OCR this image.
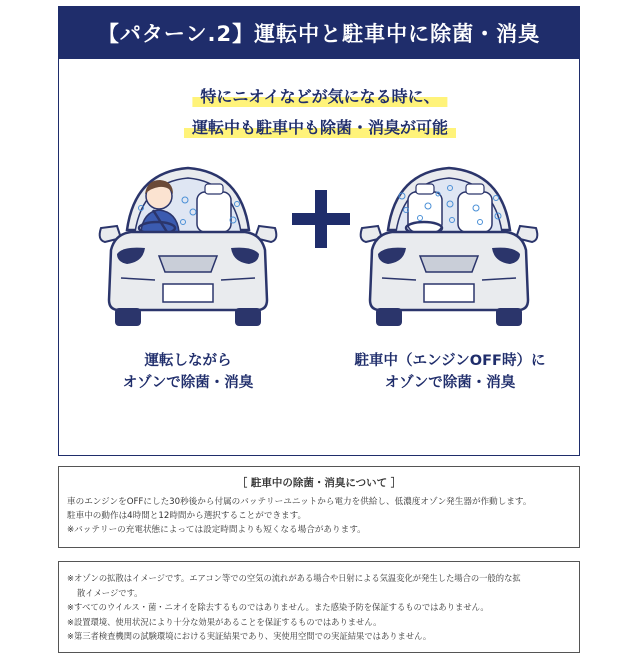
【パターン.2】運転中と駐車中に除菌・消臭
特にニオイなどが気になる時に、
運転中も駐車中も除菌・消臭が可能
運転しながら
オゾンで除菌・消臭
駐車中（エンジンOFF時）に
オゾンで除菌・消臭
［ 駐車中の除菌・消臭について ］
車のエンジンをOFFにした30秒後から付属のバッテリーユニットから電力を供給し、低濃度オゾン発生器が作動します。
駐車中の動作は4時間と12時間から選択することができます。
※バッテリーの充電状態によっては設定時間よりも短くなる場合があります。
※オゾンの拡散はイメージです。エアコン等での空気の流れがある場合や日射による気温変化が発生した場合の一般的な拡
散イメージです。
※すべてのウイルス・菌・ニオイを除去するものではありません。また感染予防を保証するものではありません。
※設置環境、使用状況により十分な効果があることを保証するものではありません。
※第三者検査機関の試験環境における実証結果であり、実使用空間での実証結果ではありません。
